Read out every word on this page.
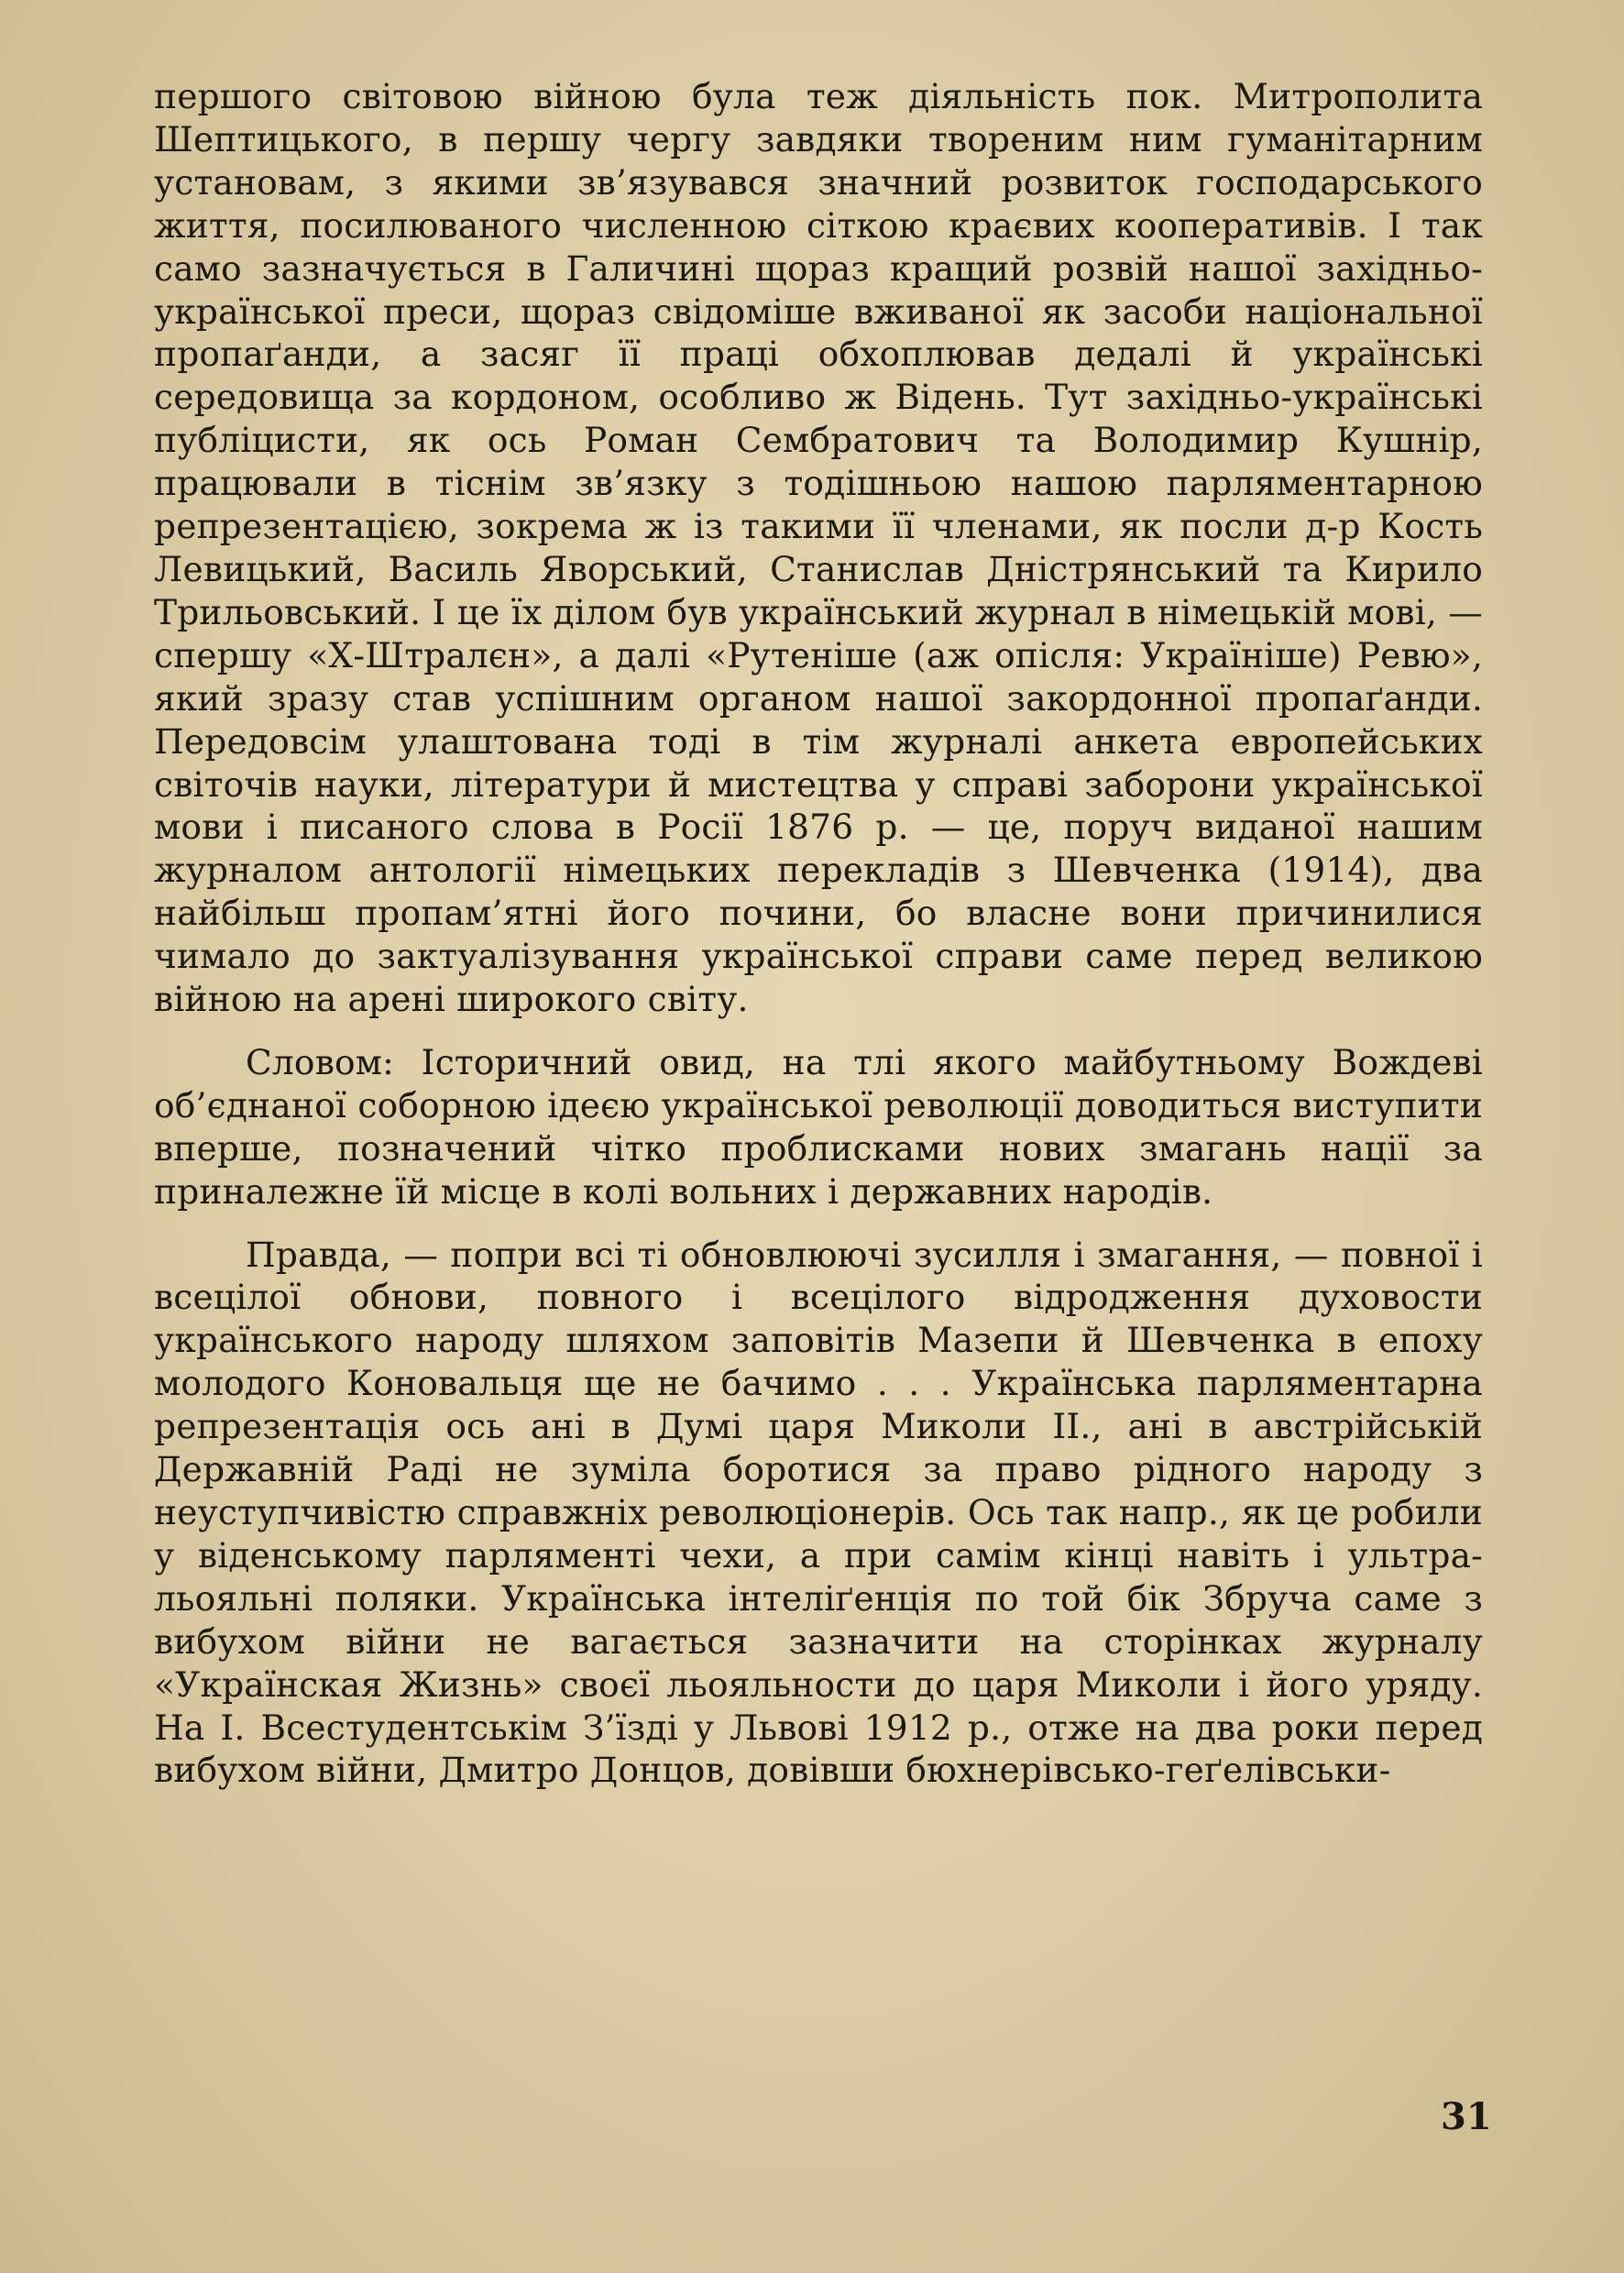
першого світовою війною була теж діяльність пок. Митрополита Шептицького, в першу чергу завдяки твореним ним гуманітарним установам, з якими зв’язувався значний розвиток господарського життя, посилюваного численною сіткою краєвих кооперативів. І так само зазначується в Галичині щораз кращий розвій нашої західньо-української преси, щораз свідоміше вживаної як засоби національної пропаґанди, а засяг її праці обхоплював дедалі й українські середовища за кордоном, особливо ж Відень. Тут західньо-українські публіцисти, як ось Роман Сембратович та Володимир Кушнір, працювали в тіснім зв’язку з тодішньою нашою парляментарною репрезентацією, зокрема ж із такими її членами, як посли д-р Кость Левицький, Василь Яворський, Станислав Дністрянський та Кирило Трильовський. І це їх ділом був український журнал в німецькій мові, — спершу «Х-Штралєн», а далі «Рутеніше (аж опісля: Україніше) Ревю», який зразу став успішним органом нашої закордонної пропаґанди. Передовсім улаштована тоді в тім журналі анкета европейських світочів науки, літератури й мистецтва у справі заборони української мови і писаного слова в Росії 1876 р. — це, поруч виданої нашим журналом антології німецьких перекладів з Шевченка (1914), два найбільш пропам’ятні його почини, бо власне вони причинилися чимало до зактуалізування української справи саме перед великою війною на арені широкого світу.

Словом: Історичний овид, на тлі якого майбутньому Вождеві об’єднаної соборною ідеєю української революції доводиться виступити вперше, позначений чітко проблисками нових змагань нації за приналежне їй місце в колі вольних і державних народів.

Правда, — попри всі ті обновлюючі зусилля і змагання, — повної і всецілої обнови, повного і всецілого відродження духовости українського народу шляхом заповітів Мазепи й Шевченка в епоху молодого Коновальця ще не бачимо . . . Українська парляментарна репрезентація ось ані в Думі царя Миколи II., ані в австрійській Державній Раді не зуміла боротися за право рідного народу з неуступчивістю справжніх революціонерів. Ось так напр., як це робили у віденському парляменті чехи, а при самім кінці навіть і ультра-льояльні поляки. Українська інтеліґенція по той бік Збруча саме з вибухом війни не вагається зазначити на сторінках журналу «Украïнская Жизнь» своєї льояльности до царя Миколи і його уряду. На І. Всестудентськім З’їзді у Львові 1912 р., отже на два роки перед вибухом війни, Дмитро Донцов, довівши бюхнерівсько-геґелівськи-

31
